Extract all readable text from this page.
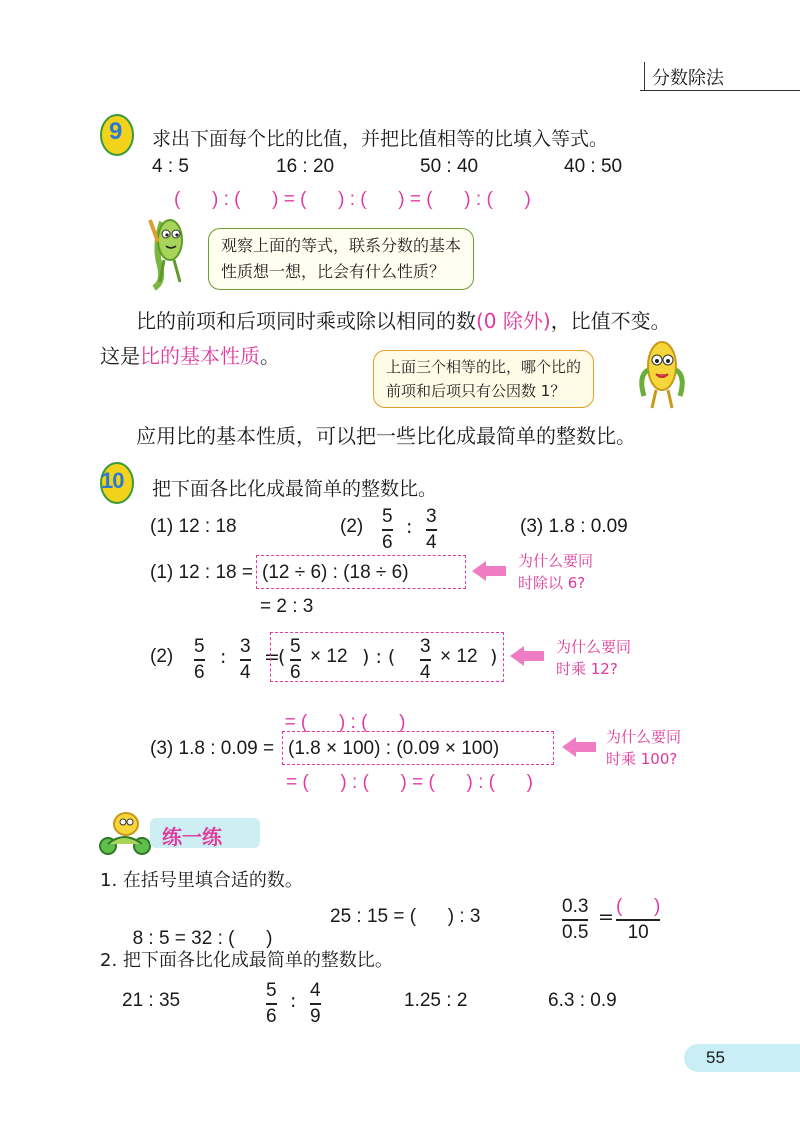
分数除法
9 求出下面每个比的比值，并把比值相等的比填入等式。
4 : 5	16 : 20	50 : 40	40 : 50
(      ) : (      ) = (      ) : (      ) = (      ) : (      )
观察上面的等式，联系分数的基本
性质想一想，比会有什么性质？
比的前项和后项同时乘或除以相同的数(0 除外)，比值不变。
这是比的基本性质。	上面三个相等的比，哪个比的
前项和后项只有公因数 1？
应用比的基本性质，可以把一些比化成最简单的整数比。
10 把下面各比化成最简单的整数比。
(1) 12 : 18	(2) 5
6
: 3
4
(3) 1.8 : 0.09
(1) 12 : 18 = (12 ÷ 6) : (18 ÷ 6)
为什么要同
时除以 6?
= 2 : 3
(2) 5
6
: 3
4
=
( 5
6
× 12 ) : ( 3
4
× 12 )	为什么要同
时乘 12?

= (      ) : (      )

(3) 1.8 : 0.09 = (1.8 × 100) : (0.09 × 100)
为什么要同
时乘 100?
= (      ) : (      ) = (      ) : (      )
练一练
1. 在括号里填合适的数。

8 : 5 = 32 : (      )

25 : 15 = (      ) : 3	0.3
0.5
= (      )
10
2. 把下面各比化成最简单的整数比。
21 : 35	5
6
: 4
9
1.25 : 2	6.3 : 0.9
55
